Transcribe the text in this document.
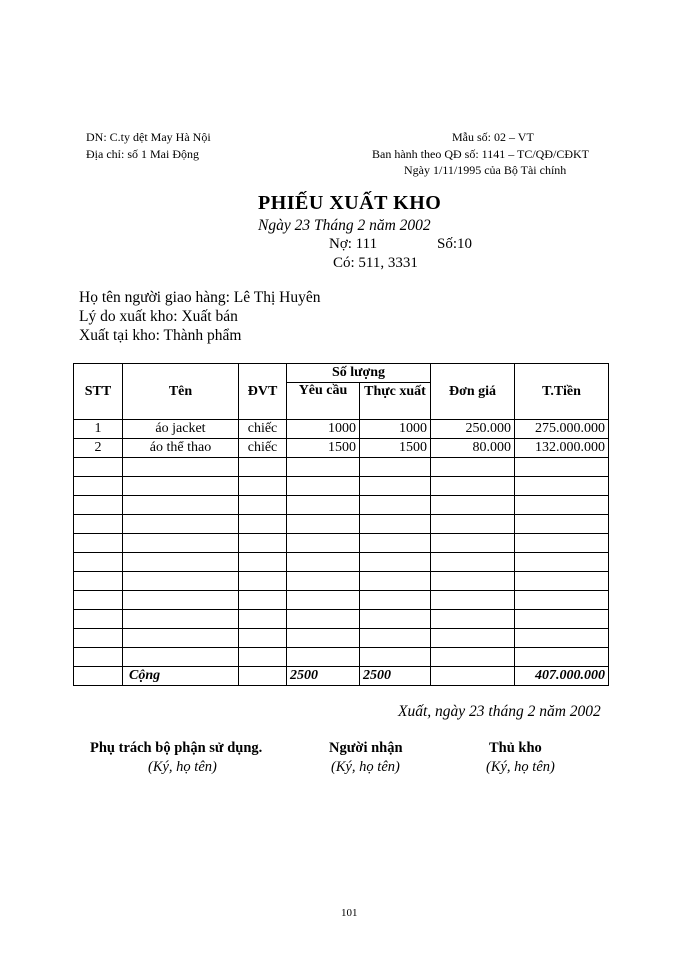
DN: C.ty dệt May Hà Nội
Địa chỉ: số 1 Mai Động
Mẫu số: 02 – VT
Ban hành theo QĐ số: 1141 – TC/QĐ/CĐKT
Ngày 1/11/1995 của Bộ Tài chính
PHIẾU XUẤT KHO
Ngày 23 Tháng 2 năm 2002
Nợ: 111	Số:10
Có: 511, 3331
Họ tên người giao hàng: Lê Thị Huyên
Lý do xuất kho: Xuất bán
Xuất tại kho: Thành phẩm
STT	Tên	ĐVT	Số lượng		Đơn giá	T.Tiền
			Yêu cầu	Thực xuất		
1	áo jacket	chiếc	1000	1000	250.000	275.000.000
2	áo thể thao	chiếc	1500	1500	80.000	132.000.000

	Cộng		2500	2500		407.000.000
Xuất, ngày 23 tháng 2 năm 2002
Phụ trách bộ phận sử dụng.
(Ký, họ tên)
Người nhận
(Ký, họ tên)
Thủ kho
(Ký, họ tên)
101
